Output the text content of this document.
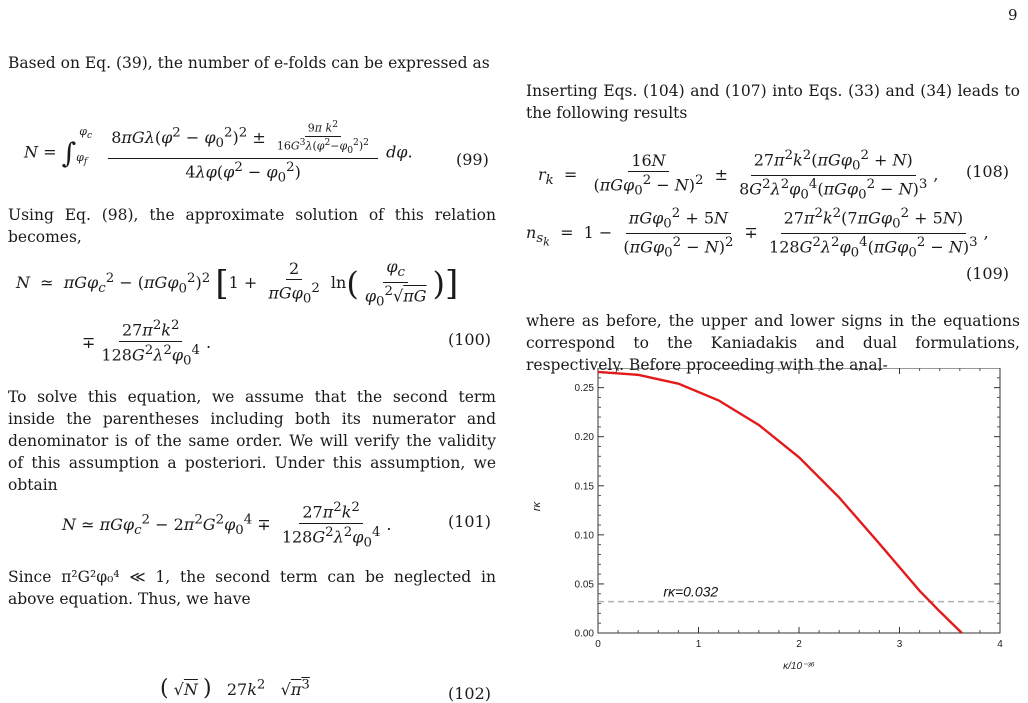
9
Based on Eq. (39), the number of e-folds can be expressed as
$N = \int_{\varphi_f}^{\varphi_c} \frac{8\pi G\lambda(\varphi^2 - \varphi_0^2)^2 \pm \frac{9\pi k^2}{16G^3\lambda(\varphi^2-\varphi_0^2)^2}}{4\lambda\varphi(\varphi^2 - \varphi_0^2)} d\varphi$.	(99)
Using Eq. (98), the approximate solution of this relation becomes,
N  ≃  $\pi G\varphi_c^2 - (\pi G\varphi_0^2)^2$ [$1 + \frac{2}{\pi G\varphi_0^2} \ln( \frac{\varphi_c}{\varphi_0^2√\pi G}$ )]
∓ $\frac{27\pi^2k^2}{128G^2\lambda^2\varphi_0^4}$ .	(100)
To solve this equation, we assume that the second term inside the parentheses including both its numerator and denominator is of the same order. We will verify the validity of this assumption a posteriori. Under this assumption, we obtain
N ≃ $\pi G\varphi_c^2 - 2\pi^2G^2\varphi_0^4 \mp \frac{27\pi^2k^2}{128G^2\lambda^2\varphi_0^4}$ .	(101)
Since π²G²φ₀⁴ ≪ 1, the second term can be neglected in above equation. Thus, we have
( √N )   $27k^2$   $√\pi^3$	(102)
Inserting Eqs. (104) and (107) into Eqs. (33) and (34) leads to the following results
$r_k = \frac{16N}{(\pi G\varphi_0^2 - N)^2} \pm \frac{27\pi^2k^2(\pi G\varphi_0^2 + N)}{8G^2\lambda^2\varphi_0^4(\pi G\varphi_0^2 - N)^3}$ , (108)
$n_{s_k} = 1 - \frac{\pi G\varphi_0^2 + 5N}{(\pi G\varphi_0^2 - N)^2} \mp \frac{27\pi^2k^2(7\pi G\varphi_0^2 + 5N)}{128G^2\lambda^2\varphi_0^4(\pi G\varphi_0^2 - N)^3}$ ,
(109)
where as before, the upper and lower signs in the equations correspond to the Kaniadakis and dual formulations, respectively. Before proceeding with the anal-
0	1	2	3	4
0.00
0.05
0.10
0.15
0.20
0.25
rκ=0.032
κ/10⁻³⁶
rκ
